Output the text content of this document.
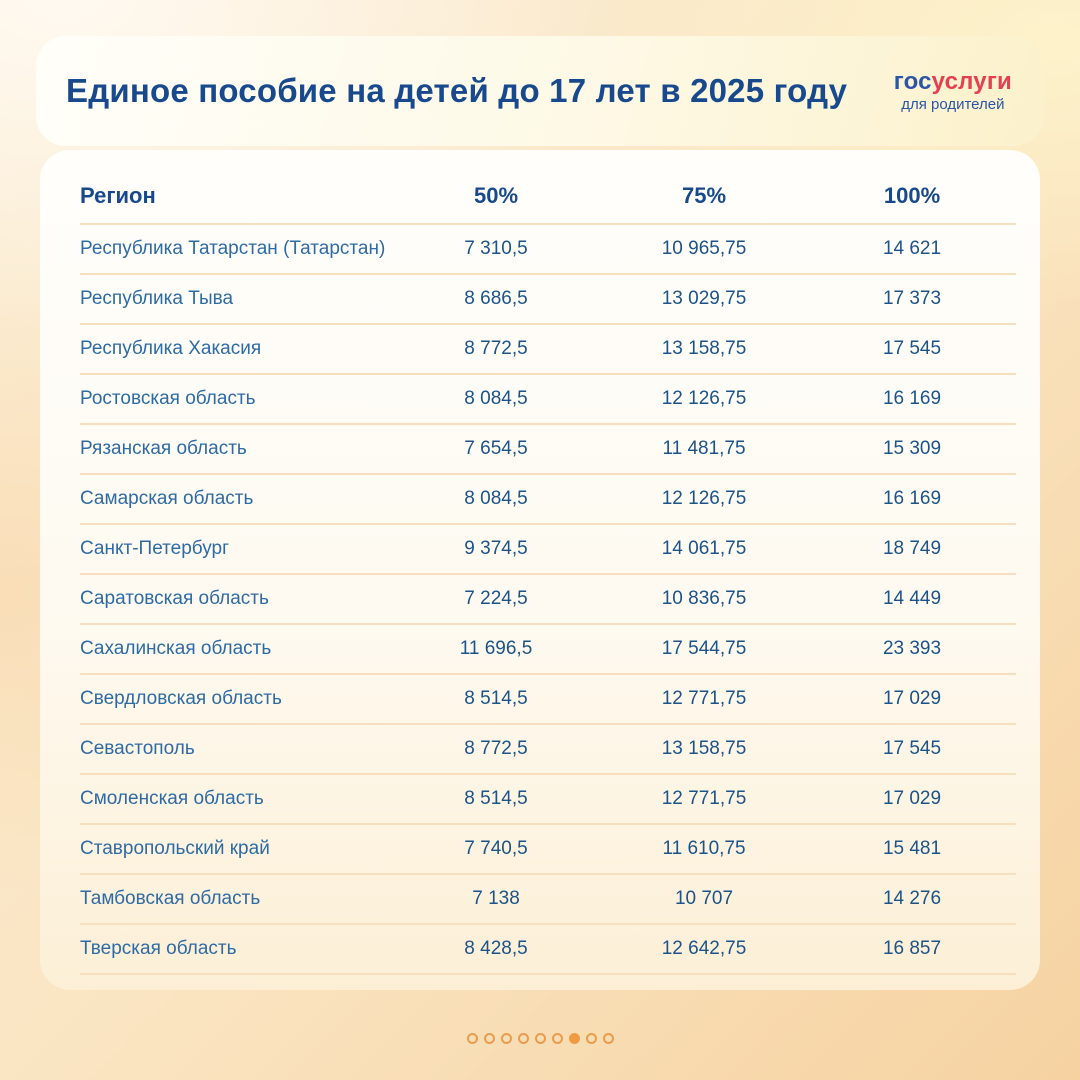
Единое пособие на детей до 17 лет в 2025 году госуслуги
для родителей
Регион	50%	75%	100%
Республика Татарстан (Татарстан)	7 310,5	10 965,75	14 621
Республика Тыва	8 686,5	13 029,75	17 373
Республика Хакасия	8 772,5	13 158,75	17 545
Ростовская область	8 084,5	12 126,75	16 169
Рязанская область	7 654,5	11 481,75	15 309
Самарская область	8 084,5	12 126,75	16 169
Санкт-Петербург	9 374,5	14 061,75	18 749
Саратовская область	7 224,5	10 836,75	14 449
Сахалинская область	11 696,5	17 544,75	23 393
Свердловская область	8 514,5	12 771,75	17 029
Севастополь	8 772,5	13 158,75	17 545
Смоленская область	8 514,5	12 771,75	17 029
Ставропольский край	7 740,5	11 610,75	15 481
Тамбовская область	7 138	10 707	14 276
Тверская область	8 428,5	12 642,75	16 857
